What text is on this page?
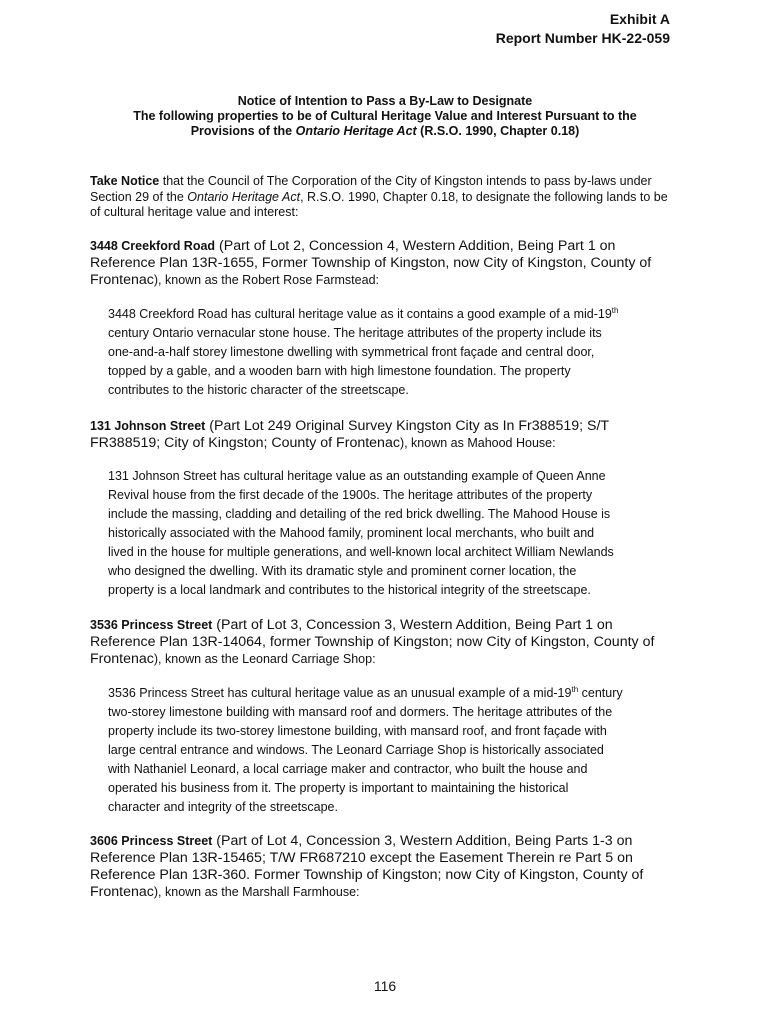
Exhibit A
Report Number HK-22-059
Notice of Intention to Pass a By-Law to Designate
The following properties to be of Cultural Heritage Value and Interest Pursuant to the
Provisions of the Ontario Heritage Act (R.S.O. 1990, Chapter 0.18)
Take Notice that the Council of The Corporation of the City of Kingston intends to pass by-laws under Section 29 of the Ontario Heritage Act, R.S.O. 1990, Chapter 0.18, to designate the following lands to be of cultural heritage value and interest:
3448 Creekford Road (Part of Lot 2, Concession 4, Western Addition, Being Part 1 on Reference Plan 13R-1655, Former Township of Kingston, now City of Kingston, County of Frontenac), known as the Robert Rose Farmstead:
3448 Creekford Road has cultural heritage value as it contains a good example of a mid-19th
century Ontario vernacular stone house. The heritage attributes of the property include its
one-and-a-half storey limestone dwelling with symmetrical front façade and central door,
topped by a gable, and a wooden barn with high limestone foundation. The property
contributes to the historic character of the streetscape.
131 Johnson Street (Part Lot 249 Original Survey Kingston City as In Fr388519; S/T FR388519; City of Kingston; County of Frontenac), known as Mahood House:
131 Johnson Street has cultural heritage value as an outstanding example of Queen Anne
Revival house from the first decade of the 1900s. The heritage attributes of the property
include the massing, cladding and detailing of the red brick dwelling. The Mahood House is
historically associated with the Mahood family, prominent local merchants, who built and
lived in the house for multiple generations, and well-known local architect William Newlands
who designed the dwelling. With its dramatic style and prominent corner location, the
property is a local landmark and contributes to the historical integrity of the streetscape.
3536 Princess Street (Part of Lot 3, Concession 3, Western Addition, Being Part 1 on Reference Plan 13R-14064, former Township of Kingston; now City of Kingston, County of Frontenac), known as the Leonard Carriage Shop:
3536 Princess Street has cultural heritage value as an unusual example of a mid-19th century
two-storey limestone building with mansard roof and dormers. The heritage attributes of the
property include its two-storey limestone building, with mansard roof, and front façade with
large central entrance and windows. The Leonard Carriage Shop is historically associated
with Nathaniel Leonard, a local carriage maker and contractor, who built the house and
operated his business from it. The property is important to maintaining the historical
character and integrity of the streetscape.
3606 Princess Street (Part of Lot 4, Concession 3, Western Addition, Being Parts 1-3 on Reference Plan 13R-15465; T/W FR687210 except the Easement Therein re Part 5 on Reference Plan 13R-360. Former Township of Kingston; now City of Kingston, County of Frontenac), known as the Marshall Farmhouse:
116
